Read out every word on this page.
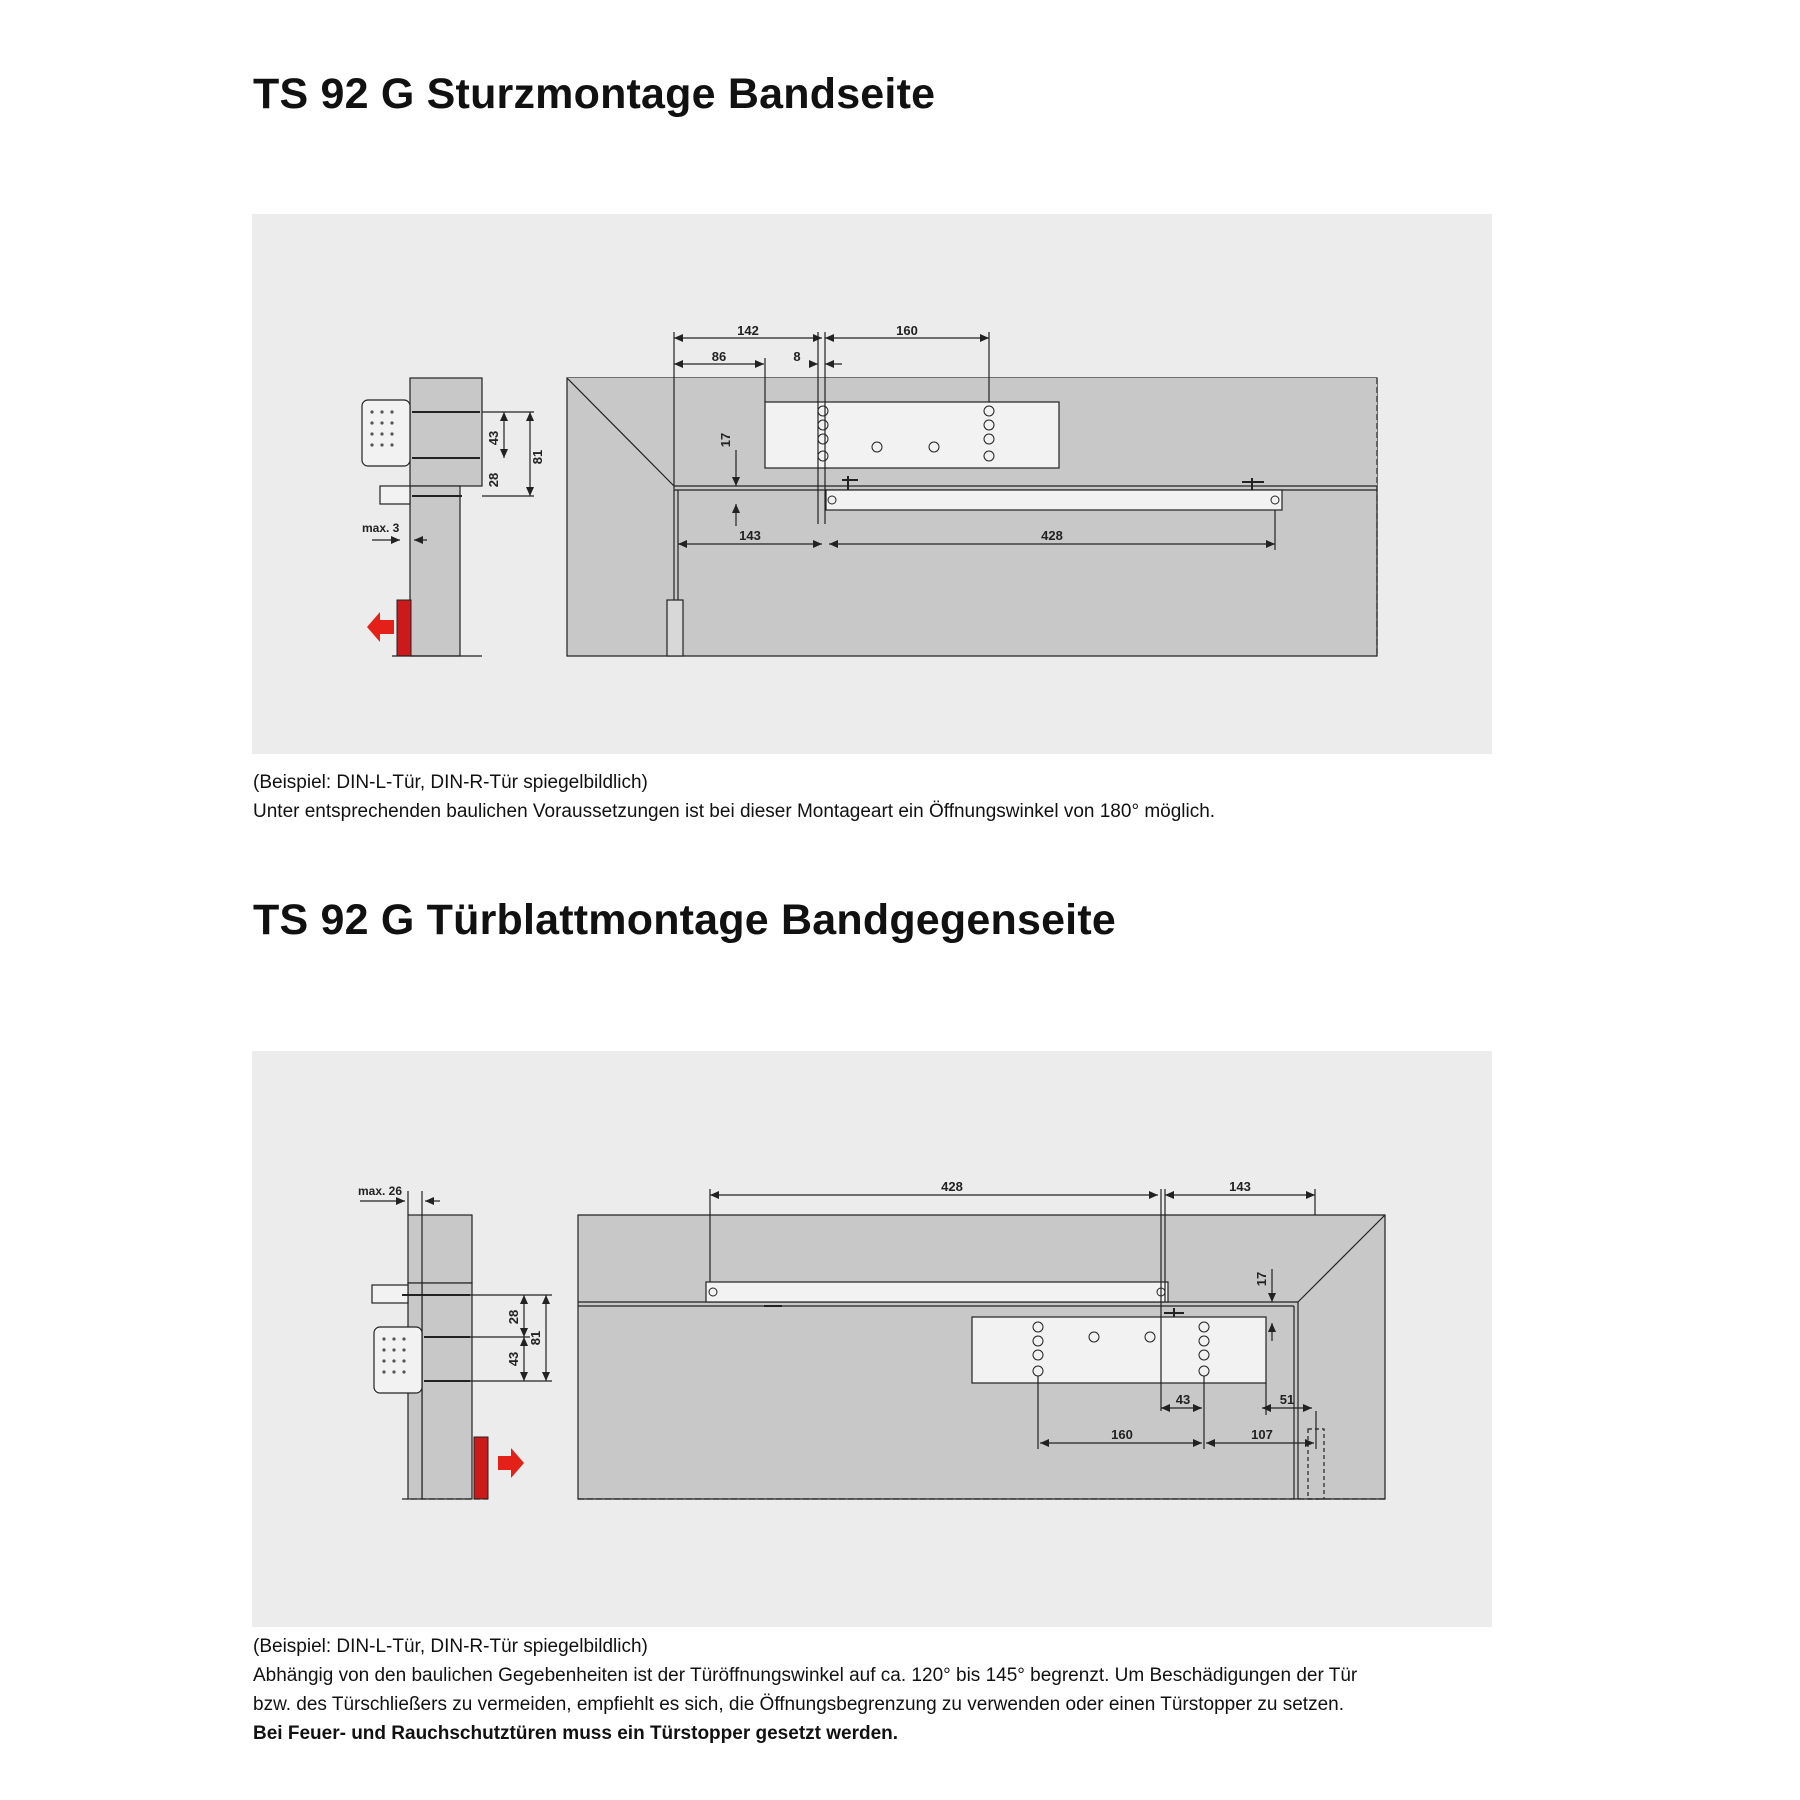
TS 92 G Sturzmontage Bandseite
43
28
81
max. 3
142	160
86	8
17
143	428

(Beispiel: DIN-L-Tür, DIN-R-Tür spiegelbildlich)

Unter entsprechenden baulichen Voraussetzungen ist bei dieser Montageart ein Öffnungswinkel von 180° möglich.

TS 92 G Türblattmontage Bandgegenseite
max. 26
28
43
81
428	143
17
43	51
160	107

(Beispiel: DIN-L-Tür, DIN-R-Tür spiegelbildlich)

Abhängig von den baulichen Gegebenheiten ist der Türöffnungswinkel auf ca. 120° bis 145° begrenzt. Um Beschädigungen der Tür

bzw. des Türschließers zu vermeiden, empfiehlt es sich, die Öffnungsbegrenzung zu verwenden oder einen Türstopper zu setzen.

Bei Feuer- und Rauchschutztüren muss ein Türstopper gesetzt werden.
